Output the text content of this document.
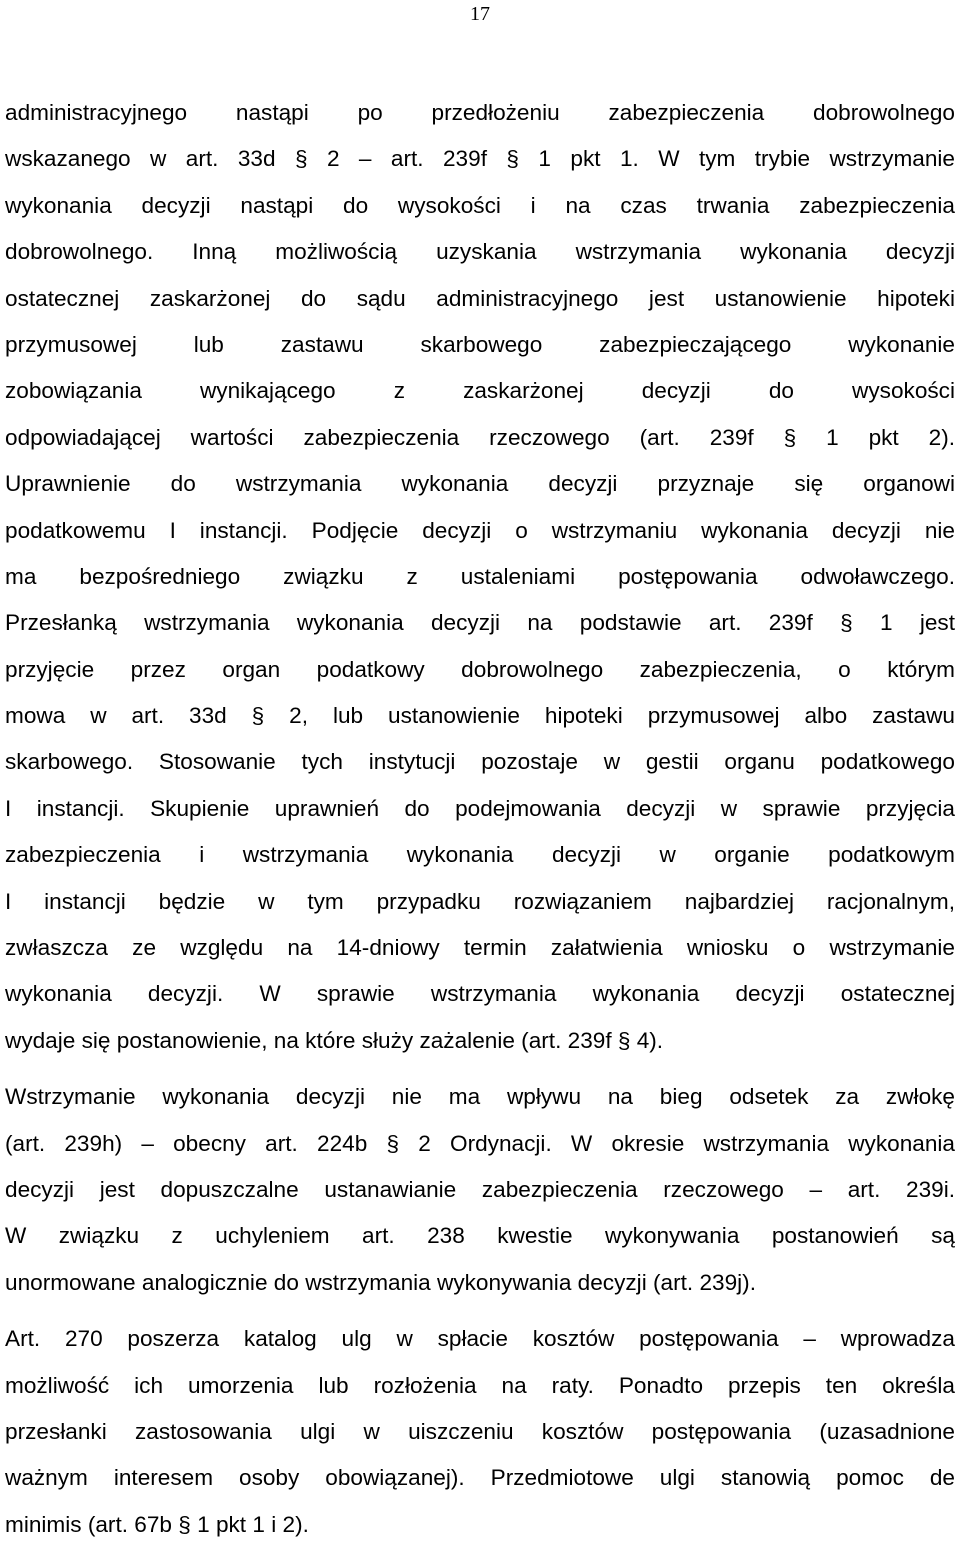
17

administracyjnego nastąpi po przedłożeniu zabezpieczenia dobrowolnego
wskazanego w art. 33d § 2 – art. 239f § 1 pkt 1. W tym trybie wstrzymanie
wykonania decyzji nastąpi do wysokości i na czas trwania zabezpieczenia
dobrowolnego. Inną możliwością uzyskania wstrzymania wykonania decyzji
ostatecznej zaskarżonej do sądu administracyjnego jest ustanowienie hipoteki
przymusowej lub zastawu skarbowego zabezpieczającego wykonanie
zobowiązania wynikającego z zaskarżonej decyzji do wysokości
odpowiadającej wartości zabezpieczenia rzeczowego (art. 239f § 1 pkt 2).
Uprawnienie do wstrzymania wykonania decyzji przyznaje się organowi
podatkowemu I instancji. Podjęcie decyzji o wstrzymaniu wykonania decyzji nie
ma bezpośredniego związku z ustaleniami postępowania odwoławczego.
Przesłanką wstrzymania wykonania decyzji na podstawie art. 239f § 1 jest
przyjęcie przez organ podatkowy dobrowolnego zabezpieczenia, o którym
mowa w art. 33d § 2, lub ustanowienie hipoteki przymusowej albo zastawu
skarbowego. Stosowanie tych instytucji pozostaje w gestii organu podatkowego
I instancji. Skupienie uprawnień do podejmowania decyzji w sprawie przyjęcia
zabezpieczenia i wstrzymania wykonania decyzji w organie podatkowym
I instancji będzie w tym przypadku rozwiązaniem najbardziej racjonalnym,
zwłaszcza ze względu na 14-dniowy termin załatwienia wniosku o wstrzymanie
wykonania decyzji. W sprawie wstrzymania wykonania decyzji ostatecznej
wydaje się postanowienie, na które służy zażalenie (art. 239f § 4).

Wstrzymanie wykonania decyzji nie ma wpływu na bieg odsetek za zwłokę
(art. 239h) – obecny art. 224b § 2 Ordynacji. W okresie wstrzymania wykonania
decyzji jest dopuszczalne ustanawianie zabezpieczenia rzeczowego – art. 239i.
W związku z uchyleniem art. 238 kwestie wykonywania postanowień są
unormowane analogicznie do wstrzymania wykonywania decyzji (art. 239j).

Art. 270 poszerza katalog ulg w spłacie kosztów postępowania – wprowadza
możliwość ich umorzenia lub rozłożenia na raty. Ponadto przepis ten określa
przesłanki zastosowania ulgi w uiszczeniu kosztów postępowania (uzasadnione
ważnym interesem osoby obowiązanej). Przedmiotowe ulgi stanowią pomoc de
minimis (art. 67b § 1 pkt 1 i 2).
